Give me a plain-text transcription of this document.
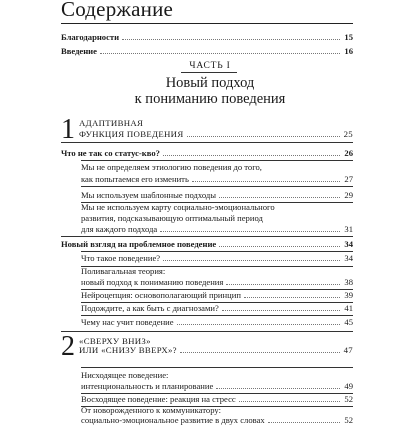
Содержание
Благодарности	15
Введение	16
ЧАСТЬ I
Новый подход
к пониманию поведения
1 АДАПТИВНАЯ
ФУНКЦИЯ ПОВЕДЕНИЯ	25
Что не так со статус-кво?	26
Мы не определяем этиологию поведения до того,
как попытаемся его изменить	27
Мы используем шаблонные подходы	29
Мы не используем карту социально-эмоционального
развития, подсказывающую оптимальный период
для каждого подхода	31
Новый взгляд на проблемное поведение	34
Что такое поведение?	34
Поливагальная теория:
новый подход к пониманию поведения	38
Нейроцепция: основополагающий принцип	39
Подождите, а как быть с диагнозами?	41
Чему нас учит поведение	45
2 «СВЕРХУ ВНИЗ»
ИЛИ «СНИЗУ ВВЕРХ»?	47
Нисходящее поведение:
интенциональность и планирование	49
Восходящее поведение: реакция на стресс	52
От новорожденного к коммуникатору:
социально-эмоциональное развитие в двух словах	52
